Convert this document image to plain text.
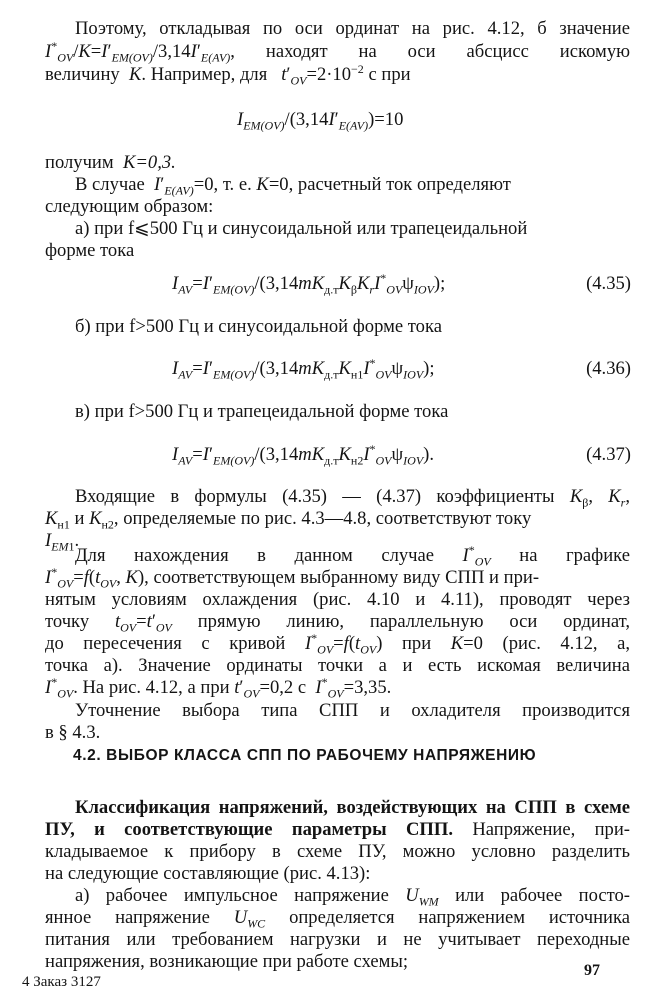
Поэтому, откладывая по оси ординат на рис. 4.12, б значение
$I^*_{OV}/K=I'_{EM(OV)}/3,14I'_{E(AV)}$, находят на оси абсцисс искомую
величину K. Например, для $t'_{OV}=2\cdot 10^{-2}$ с при
$I_{EM(OV)}/(3,14I'_{E(AV)})=10$
получим K=0,3.
В случае $I'_{E(AV)}=0$, т. е. K=0, расчетный ток определяют
следующим образом:
а) при f⩽500 Гц и синусоидальной или трапецеидальной
форме тока
$I_{AV}=I'_{EM(OV)}/(3,14mK_{д.т}K_\beta K_rI^*_{OV}\psi_{IOV})$;	(4.35)
б) при f>500 Гц и синусоидальной форме тока
$I_{AV}=I'_{EM(OV)}/(3,14mK_{д.т}K_{н1}I^*_{OV}\psi_{IOV})$;	(4.36)
в) при f>500 Гц и трапецеидальной форме тока
$I_{AV}=I'_{EM(OV)}/(3,14mK_{д.т}K_{н2}I^*_{OV}\psi_{IOV})$.	(4.37)
Входящие в формулы (4.35) — (4.37) коэффициенты $K_\beta$, $K_r$,
$K_{н1}$ и $K_{н2}$, определяемые по рис. 4.3—4.8, соответствуют току
$I_{EM1}$.
Для нахождения в данном случае $I^*_{OV}$ на графике
$I^*_{OV}=f(t_{OV}$, K), соответствующем выбранному виду СПП и при-
нятым условиям охлаждения (рис. 4.10 и 4.11), проводят через
точку $t_{OV}=t'_{OV}$ прямую линию, параллельную оси ординат,
до пересечения с кривой $I^*_{OV}=f(t_{OV})$ при K=0 (рис. 4.12, а,
точка а). Значение ординаты точки а и есть искомая величина
$I^*_{OV}$. На рис. 4.12, а при $t'_{OV}=0,2$ с  $I^*_{OV}=3,35$.
Уточнение выбора типа СПП и охладителя производится
в § 4.3.
4.2. ВЫБОР КЛАССА СПП ПО РАБОЧЕМУ НАПРЯЖЕНИЮ
Классификация напряжений, воздействующих на СПП в схеме
ПУ, и соответствующие параметры СПП. Напряжение, при-
кладываемое к прибору в схеме ПУ, можно условно разделить
на следующие составляющие (рис. 4.13):
а) рабочее импульсное напряжение $U_{WM}$ или рабочее посто-
янное напряжение $U_{WC}$ определяется напряжением источника
питания или требованием нагрузки и не учитывает переходные
напряжения, возникающие при работе схемы;
4 Заказ 3127
97
